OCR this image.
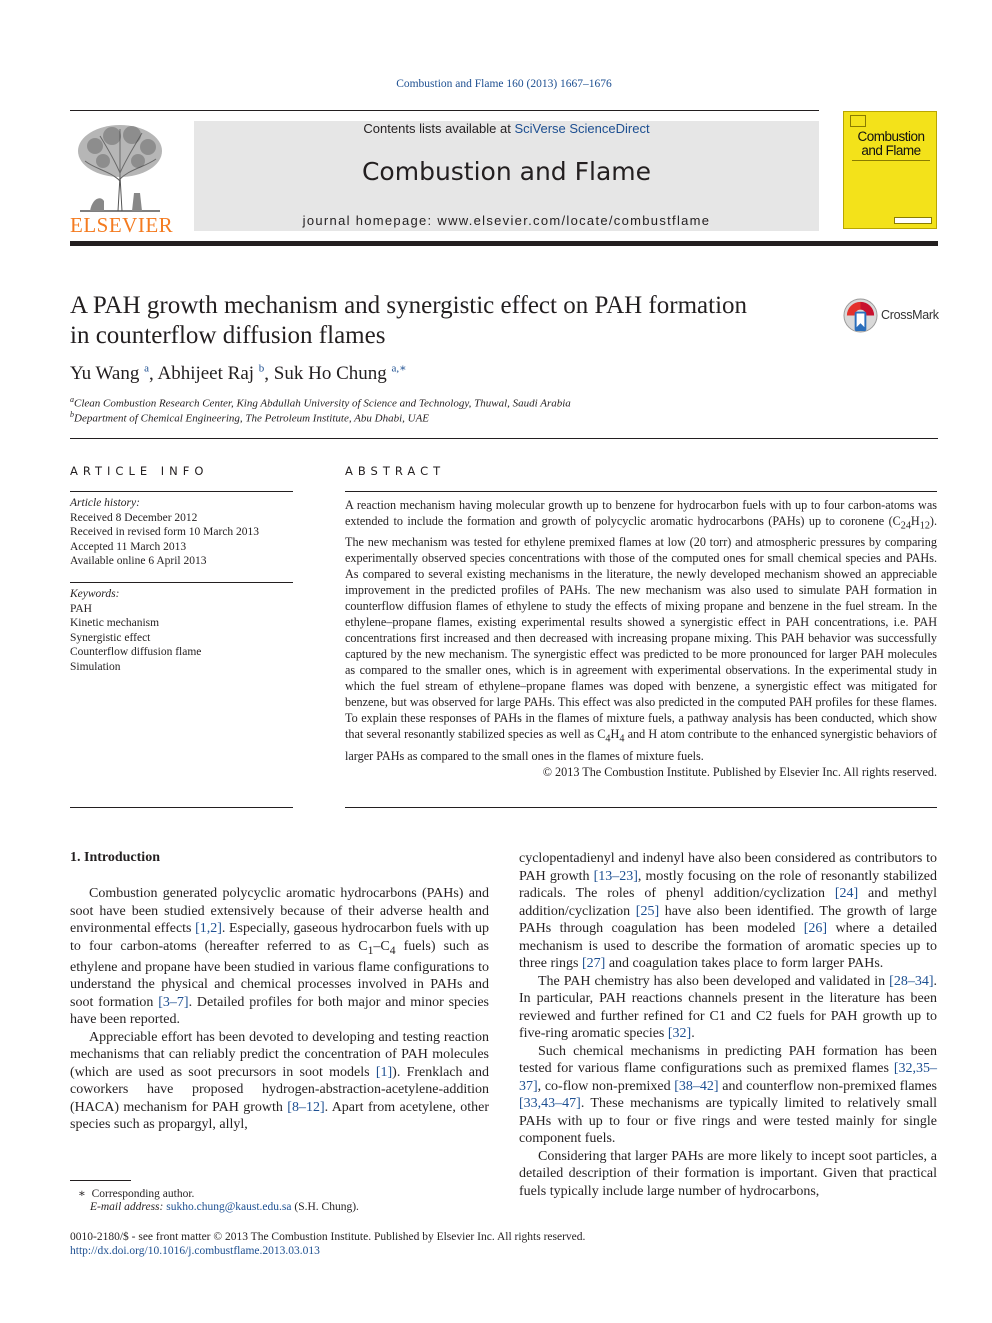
Combustion and Flame 160 (2013) 1667–1676
ELSEVIER
Contents lists available at SciVerse ScienceDirect
Combustion and Flame
journal homepage: www.elsevier.com/locate/combustflame
Combustion
and Flame
A PAH growth mechanism and synergistic effect on PAH formation
in counterflow diffusion flames
CrossMark
Yu Wang $^a$, Abhijeet Raj $^b$, Suk Ho Chung $^{a,∗}$
$^a$Clean Combustion Research Center, King Abdullah University of Science and Technology, Thuwal, Saudi Arabia
$^b$Department of Chemical Engineering, The Petroleum Institute, Abu Dhabi, UAE
ARTICLE INFO
Article history:
Received 8 December 2012
Received in revised form 10 March 2013
Accepted 11 March 2013
Available online 6 April 2013
Keywords:
PAH
Kinetic mechanism
Synergistic effect
Counterflow diffusion flame
Simulation
ABSTRACT
A reaction mechanism having molecular growth up to benzene for hydrocarbon fuels with up to four carbon-atoms was extended to include the formation and growth of polycyclic aromatic hydrocarbons (PAHs) up to coronene $(C_{24}H_{12})$. The new mechanism was tested for ethylene premixed flames at low (20 torr) and atmospheric pressures by comparing experimentally observed species concentrations with those of the computed ones for small chemical species and PAHs. As compared to several existing mechanisms in the literature, the newly developed mechanism showed an appreciable improvement in the predicted profiles of PAHs. The new mechanism was also used to simulate PAH formation in counterflow diffusion flames of ethylene to study the effects of mixing propane and benzene in the fuel stream. In the ethylene–propane flames, existing experimental results showed a synergistic effect in PAH concentrations, i.e. PAH concentrations first increased and then decreased with increasing propane mixing. This PAH behavior was successfully captured by the new mechanism. The synergistic effect was predicted to be more pronounced for larger PAH molecules as compared to the smaller ones, which is in agreement with experimental observations. In the experimental study in which the fuel stream of ethylene–propane flames was doped with benzene, a synergistic effect was mitigated for benzene, but was observed for large PAHs. This effect was also predicted in the computed PAH profiles for these flames. To explain these responses of PAHs in the flames of mixture fuels, a pathway analysis has been conducted, which show that several resonantly stabilized species as well as $C_4H_4$ and H atom contribute to the enhanced synergistic behaviors of larger PAHs as compared to the small ones in the flames of mixture fuels.
© 2013 The Combustion Institute. Published by Elsevier Inc. All rights reserved.
1. Introduction

Combustion generated polycyclic aromatic hydrocarbons (PAHs) and soot have been studied extensively because of their adverse health and environmental effects [1,2]. Especially, gaseous hydrocarbon fuels with up to four carbon-atoms (hereafter referred to as $C_1-C_4$ fuels) such as ethylene and propane have been studied in various flame configurations to understand the physical and chemical processes involved in PAHs and soot formation [3–7]. Detailed profiles for both major and minor species have been reported.

Appreciable effort has been devoted to developing and testing reaction mechanisms that can reliably predict the concentration of PAH molecules (which are used as soot precursors in soot models [1]). Frenklach and coworkers have proposed hydrogen-abstraction-acetylene-addition (HACA) mechanism for PAH growth [8–12]. Apart from acetylene, other species such as propargyl, allyl,

cyclopentadienyl and indenyl have also been considered as contributors to PAH growth [13–23], mostly focusing on the role of resonantly stabilized radicals. The roles of phenyl addition/cyclization [24] and methyl addition/cyclization [25] have also been identified. The growth of large PAHs through coagulation has been modeled [26] where a detailed mechanism is used to describe the formation of aromatic species up to three rings [27] and coagulation takes place to form larger PAHs.

The PAH chemistry has also been developed and validated in [28–34]. In particular, PAH reactions channels present in the literature has been reviewed and further refined for C1 and C2 fuels for PAH growth up to five-ring aromatic species [32].

Such chemical mechanisms in predicting PAH formation has been tested for various flame configurations such as premixed flames [32,35–37], co-flow non-premixed [38–42] and counterflow non-premixed flames [33,43–47]. These mechanisms are typically limited to relatively small PAHs with up to four or five rings and were tested mainly for single component fuels.

Considering that larger PAHs are more likely to incept soot particles, a detailed description of their formation is important. Given that practical fuels typically include large number of hydrocarbons,

∗ Corresponding author.
E-mail address: sukho.chung@kaust.edu.sa (S.H. Chung).
0010-2180/$ - see front matter © 2013 The Combustion Institute. Published by Elsevier Inc. All rights reserved.
http://dx.doi.org/10.1016/j.combustflame.2013.03.013
